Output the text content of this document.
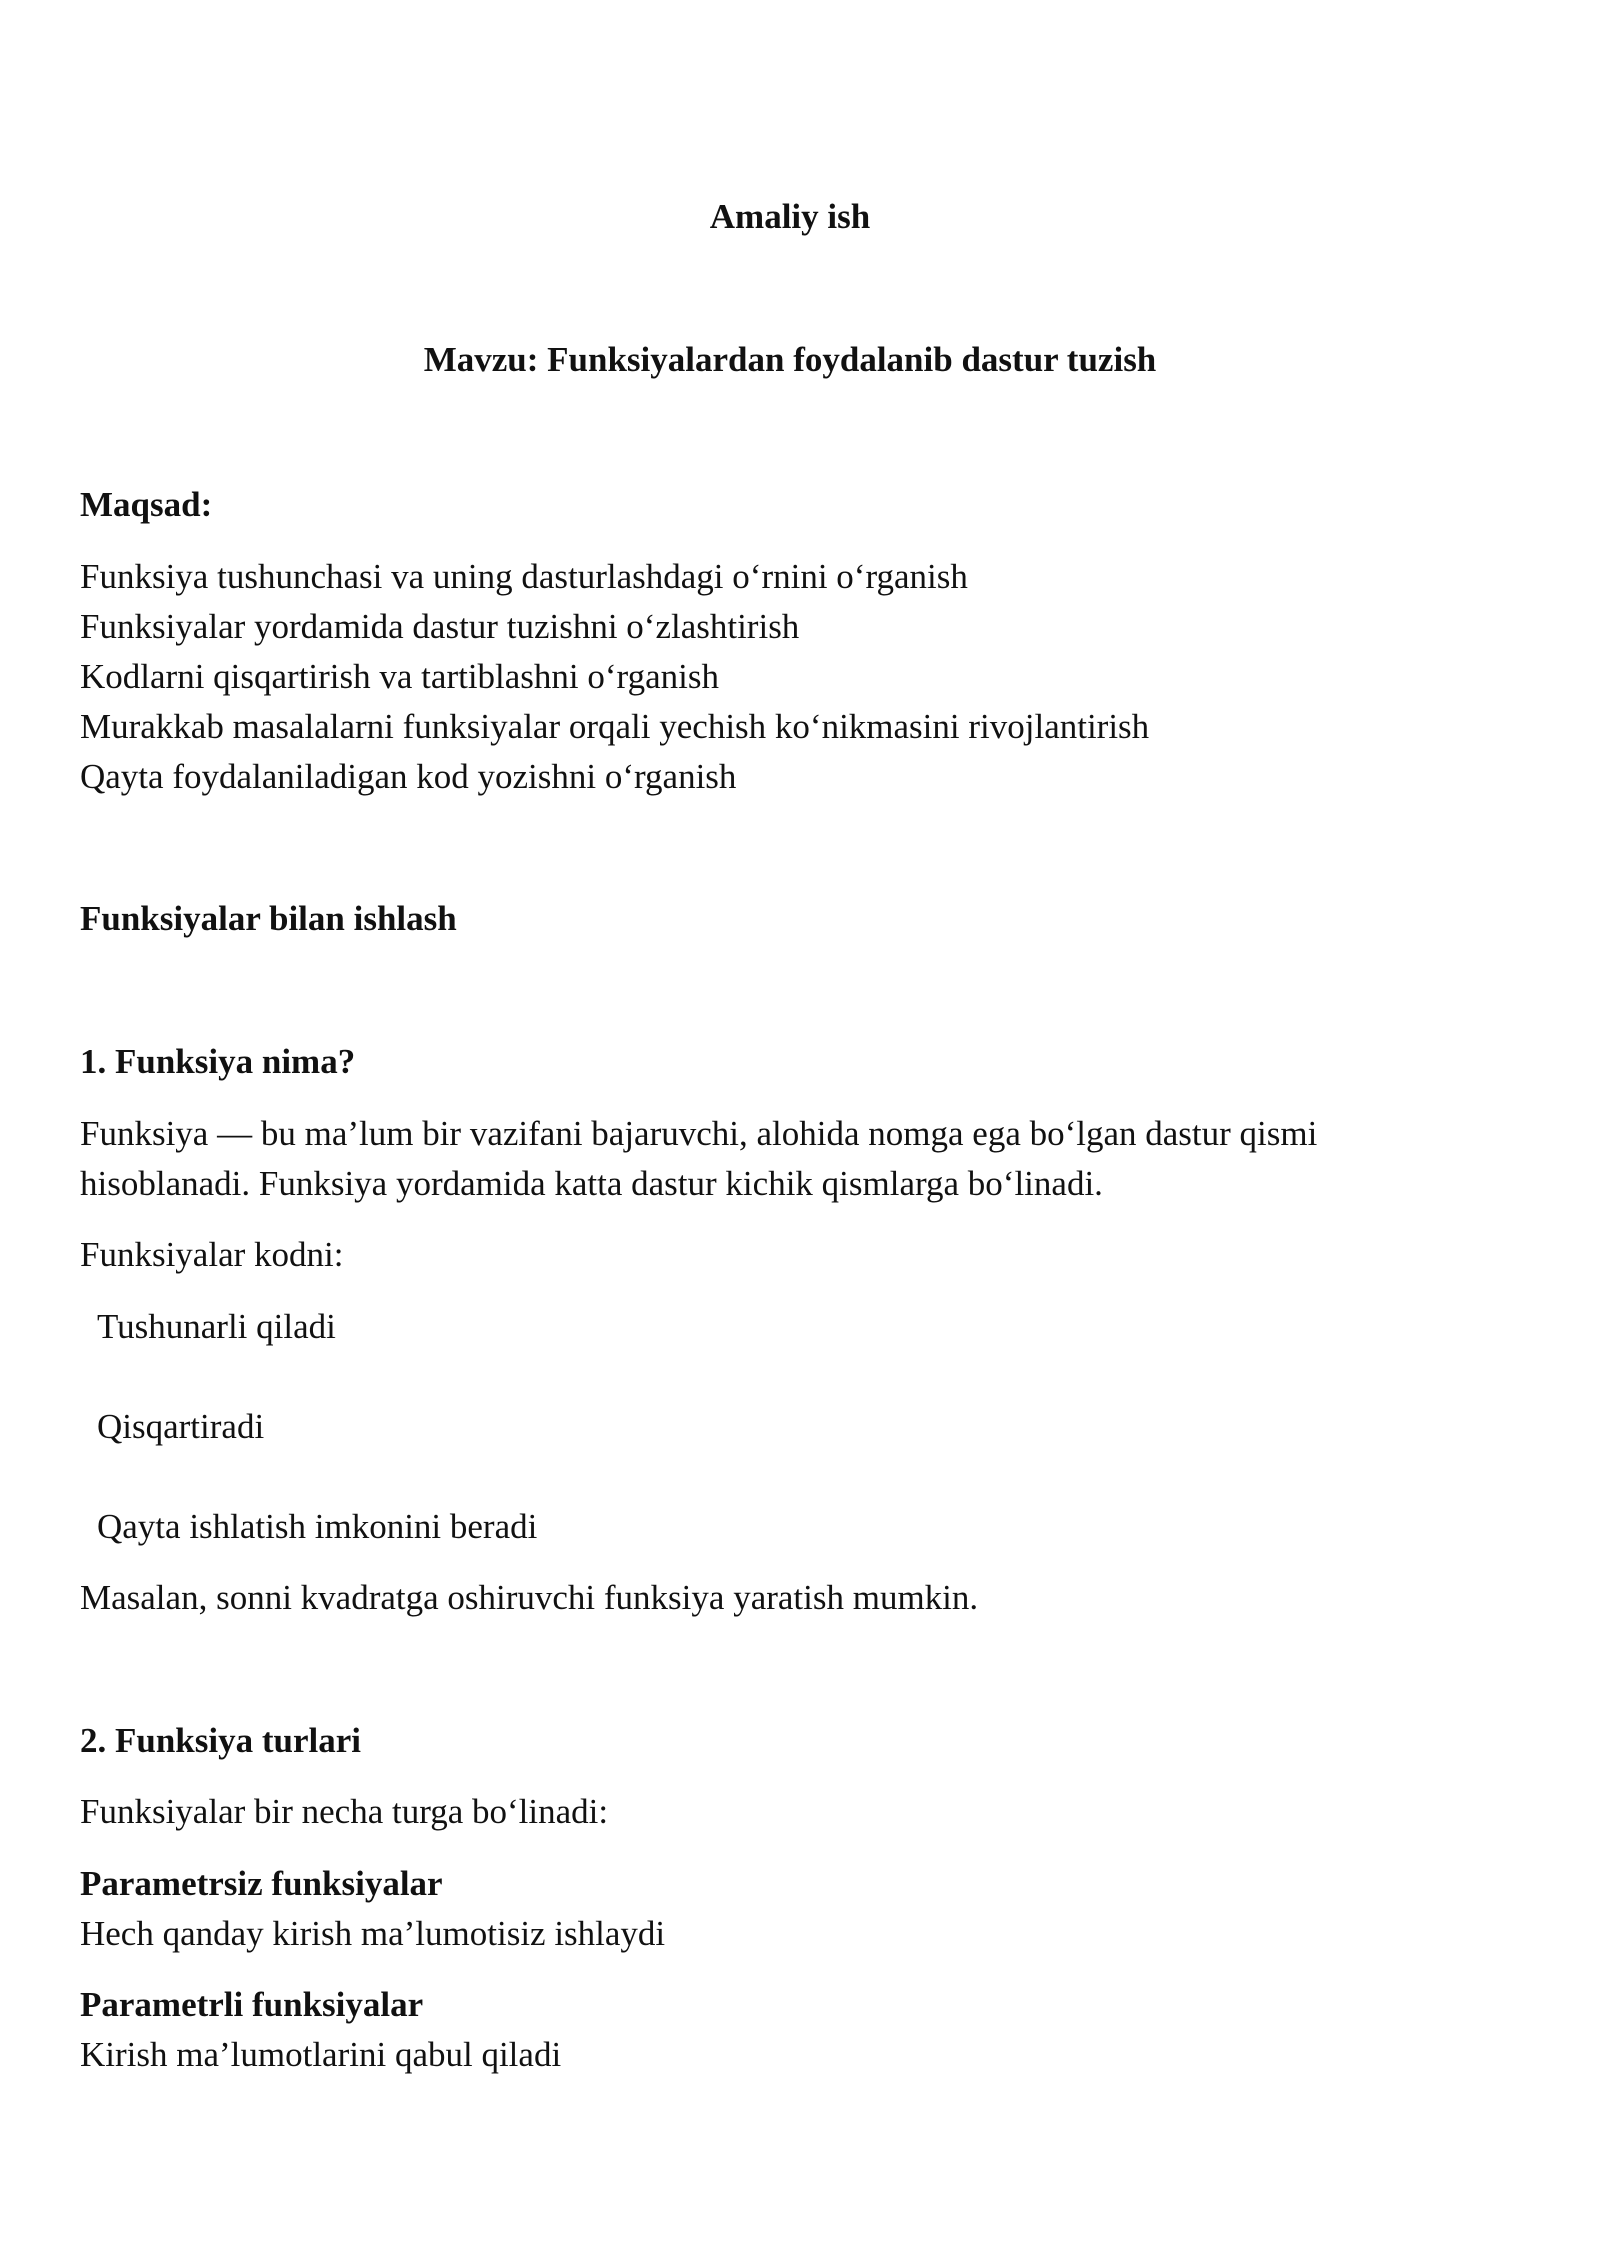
Amaliy ish
Mavzu: Funksiyalardan foydalanib dastur tuzish
Maqsad:
Funksiya tushunchasi va uning dasturlashdagi o‘rnini o‘rganish
Funksiyalar yordamida dastur tuzishni o‘zlashtirish
Kodlarni qisqartirish va tartiblashni o‘rganish
Murakkab masalalarni funksiyalar orqali yechish ko‘nikmasini rivojlantirish
Qayta foydalaniladigan kod yozishni o‘rganish
Funksiyalar bilan ishlash
1. Funksiya nima?
Funksiya — bu ma’lum bir vazifani bajaruvchi, alohida nomga ega bo‘lgan dastur qismi
hisoblanadi. Funksiya yordamida katta dastur kichik qismlarga bo‘linadi.
Funksiyalar kodni:
Tushunarli qiladi
Qisqartiradi
Qayta ishlatish imkonini beradi
Masalan, sonni kvadratga oshiruvchi funksiya yaratish mumkin.
2. Funksiya turlari
Funksiyalar bir necha turga bo‘linadi:
Parametrsiz funksiyalar
Hech qanday kirish ma’lumotisiz ishlaydi
Parametrli funksiyalar
Kirish ma’lumotlarini qabul qiladi
